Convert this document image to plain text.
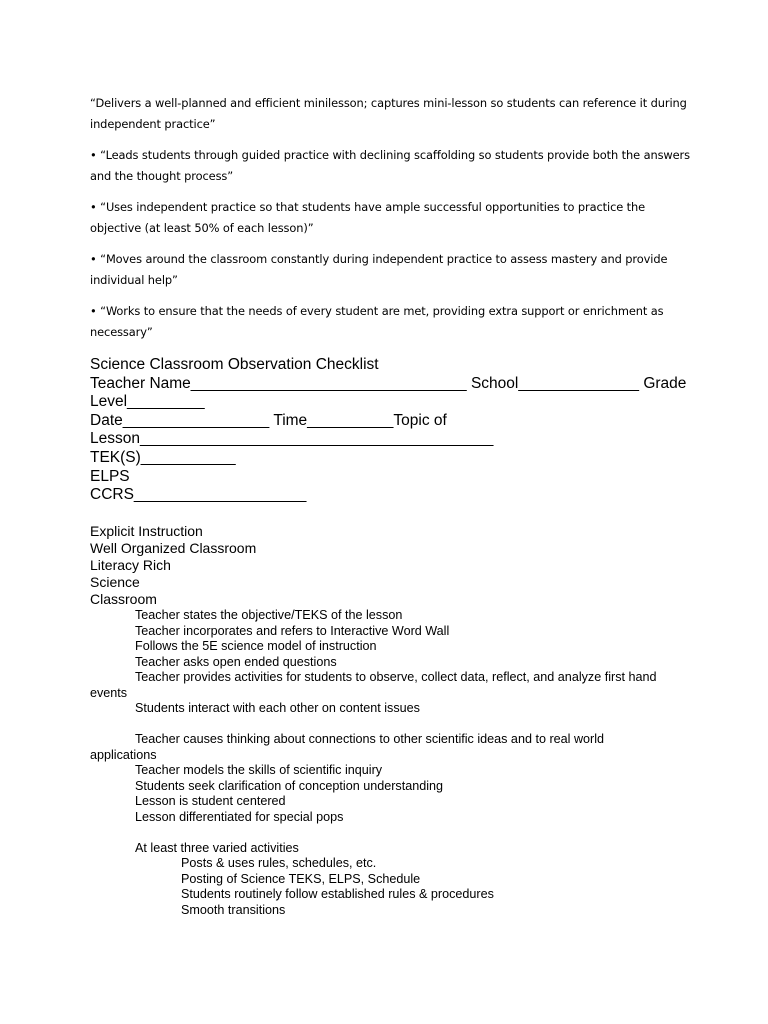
“Delivers a well-planned and efficient minilesson; captures mini-lesson so students can reference it during independent practice”

• “Leads students through guided practice with declining scaffolding so students provide both the answers and the thought process”

• “Uses independent practice so that students have ample successful opportunities to practice the objective (at least 50% of each lesson)”

• “Moves around the classroom constantly during independent practice to assess mastery and provide individual help”

• “Works to ensure that the needs of every student are met, providing extra support or enrichment as necessary”

Science Classroom Observation Checklist
Teacher Name________________________________ School______________ Grade
Level_________
Date_________________ Time__________Topic of
Lesson_________________________________________
TEK(S)___________
ELPS
CCRS____________________
Explicit Instruction
Well Organized Classroom
Literacy Rich
Science
Classroom
Teacher states the objective/TEKS of the lesson
Teacher incorporates and refers to Interactive Word Wall
Follows the 5E science model of instruction
Teacher asks open ended questions
Teacher provides activities for students to observe, collect data, reflect, and analyze first hand events
Students interact with each other on content issues
Teacher causes thinking about connections to other scientific ideas and to real world applications
Teacher models the skills of scientific inquiry
Students seek clarification of conception understanding
Lesson is student centered
Lesson differentiated for special pops
At least three varied activities
Posts & uses rules, schedules, etc.
Posting of Science TEKS, ELPS, Schedule
Students routinely follow established rules & procedures
Smooth transitions
